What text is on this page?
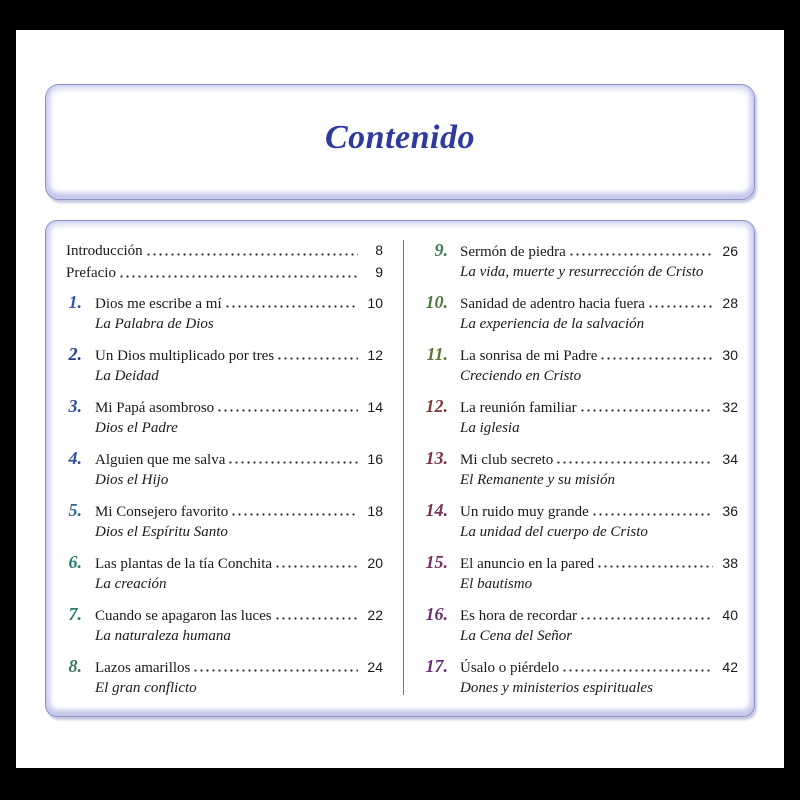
Contenido
Introducción	8
Prefacio	9
1. Dios me escribe a mí	10
La Palabra de Dios
2. Un Dios multiplicado por tres	12
La Deidad
3. Mi Papá asombroso	14
Dios el Padre
4. Alguien que me salva	16
Dios el Hijo
5. Mi Consejero favorito	18
Dios el Espíritu Santo
6. Las plantas de la tía Conchita	20
La creación
7. Cuando se apagaron las luces	22
La naturaleza humana
8. Lazos amarillos	24
El gran conflicto
9. Sermón de piedra	26
La vida, muerte y resurrección de Cristo
10. Sanidad de adentro hacia fuera	28
La experiencia de la salvación
11. La sonrisa de mi Padre	30
Creciendo en Cristo
12. La reunión familiar	32
La iglesia
13. Mi club secreto	34
El Remanente y su misión
14. Un ruido muy grande	36
La unidad del cuerpo de Cristo
15. El anuncio en la pared	38
El bautismo
16. Es hora de recordar	40
La Cena del Señor
17. Úsalo o piérdelo	42
Dones y ministerios espirituales
